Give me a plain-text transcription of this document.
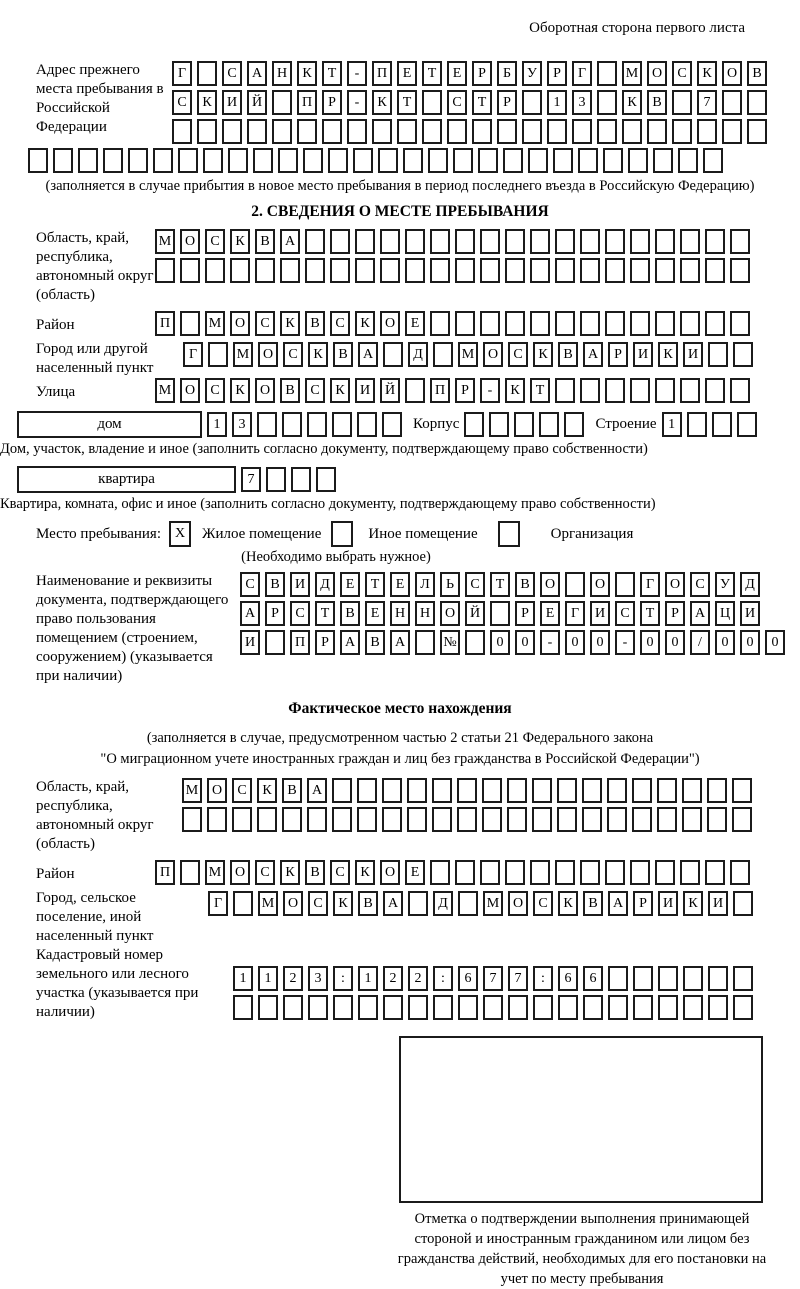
Оборотная сторона первого листа
Адрес прежнего места пребывания в Российской Федерации
Г	С	А	Н	К	Т	-	П	Е	Т	Е	Р	Б	У	Р	Г	М О	С	К	О	В
С	К	И	Й	П	Р	-	К	Т	С	Т	Р	1	3	К	В	7
(заполняется в случае прибытия в новое место пребывания в период последнего въезда в Российскую Федерацию)
2. СВЕДЕНИЯ О МЕСТЕ ПРЕБЫВАНИЯ
Область, край, республика, автономный округ (область)
М О	С	К	В	А
Район	П	М О	С	К	В	С	К	О	Е
Город или другой населенный пункт
Г	М О	С	К	В	А	Д	М О	С	К	В	А	Р	И	К	И
Улица	М О	С	К	О	В	С	К	И	Й	П	Р	-	К	Т
дом	1	3	Корпус	Строение 1
Дом, участок, владение и иное (заполнить согласно документу, подтверждающему право собственности)
квартира	7
Квартира, комната, офис и иное (заполнить согласно документу, подтверждающему право собственности)
Место пребывания: X	Жилое помещение	Иное помещение	Организация
(Необходимо выбрать нужное)
Наименование и реквизиты документа, подтверждающего право пользования помещением (строением, сооружением) (указывается при наличии)
С	В	И	Д	Е	Т	Е	Л	Ь	С	Т	В	О	О	Г	О	С	У	Д
А	Р	С	Т	В	Е	Н	Н	О	Й	Р	Е	Г	И	С	Т	Р	А	Ц	И
И	П	Р	А	В	А	№	0	0	-	0	0	-	0	0	/	0	0	0
Фактическое место нахождения
(заполняется в случае, предусмотренном частью 2 статьи 21 Федерального закона
"О миграционном учете иностранных граждан и лиц без гражданства в Российской Федерации")
Область, край, республика, автономный округ (область)
М О	С	К	В	А
Район	П	М О	С	К	В	С	К	О	Е
Город, сельское поселение, иной населенный пункт
Г	М О	С	К	В	А	Д	М О	С	К	В	А	Р	И	К	И
Кадастровый номер земельного или лесного участка (указывается при наличии)
1	1	2	3	:	1	2	2	:	6	7	7	:	6	6
Отметка о подтверждении выполнения принимающей стороной и иностранным гражданином или лицом без гражданства действий, необходимых для его постановки на учет по месту пребывания
